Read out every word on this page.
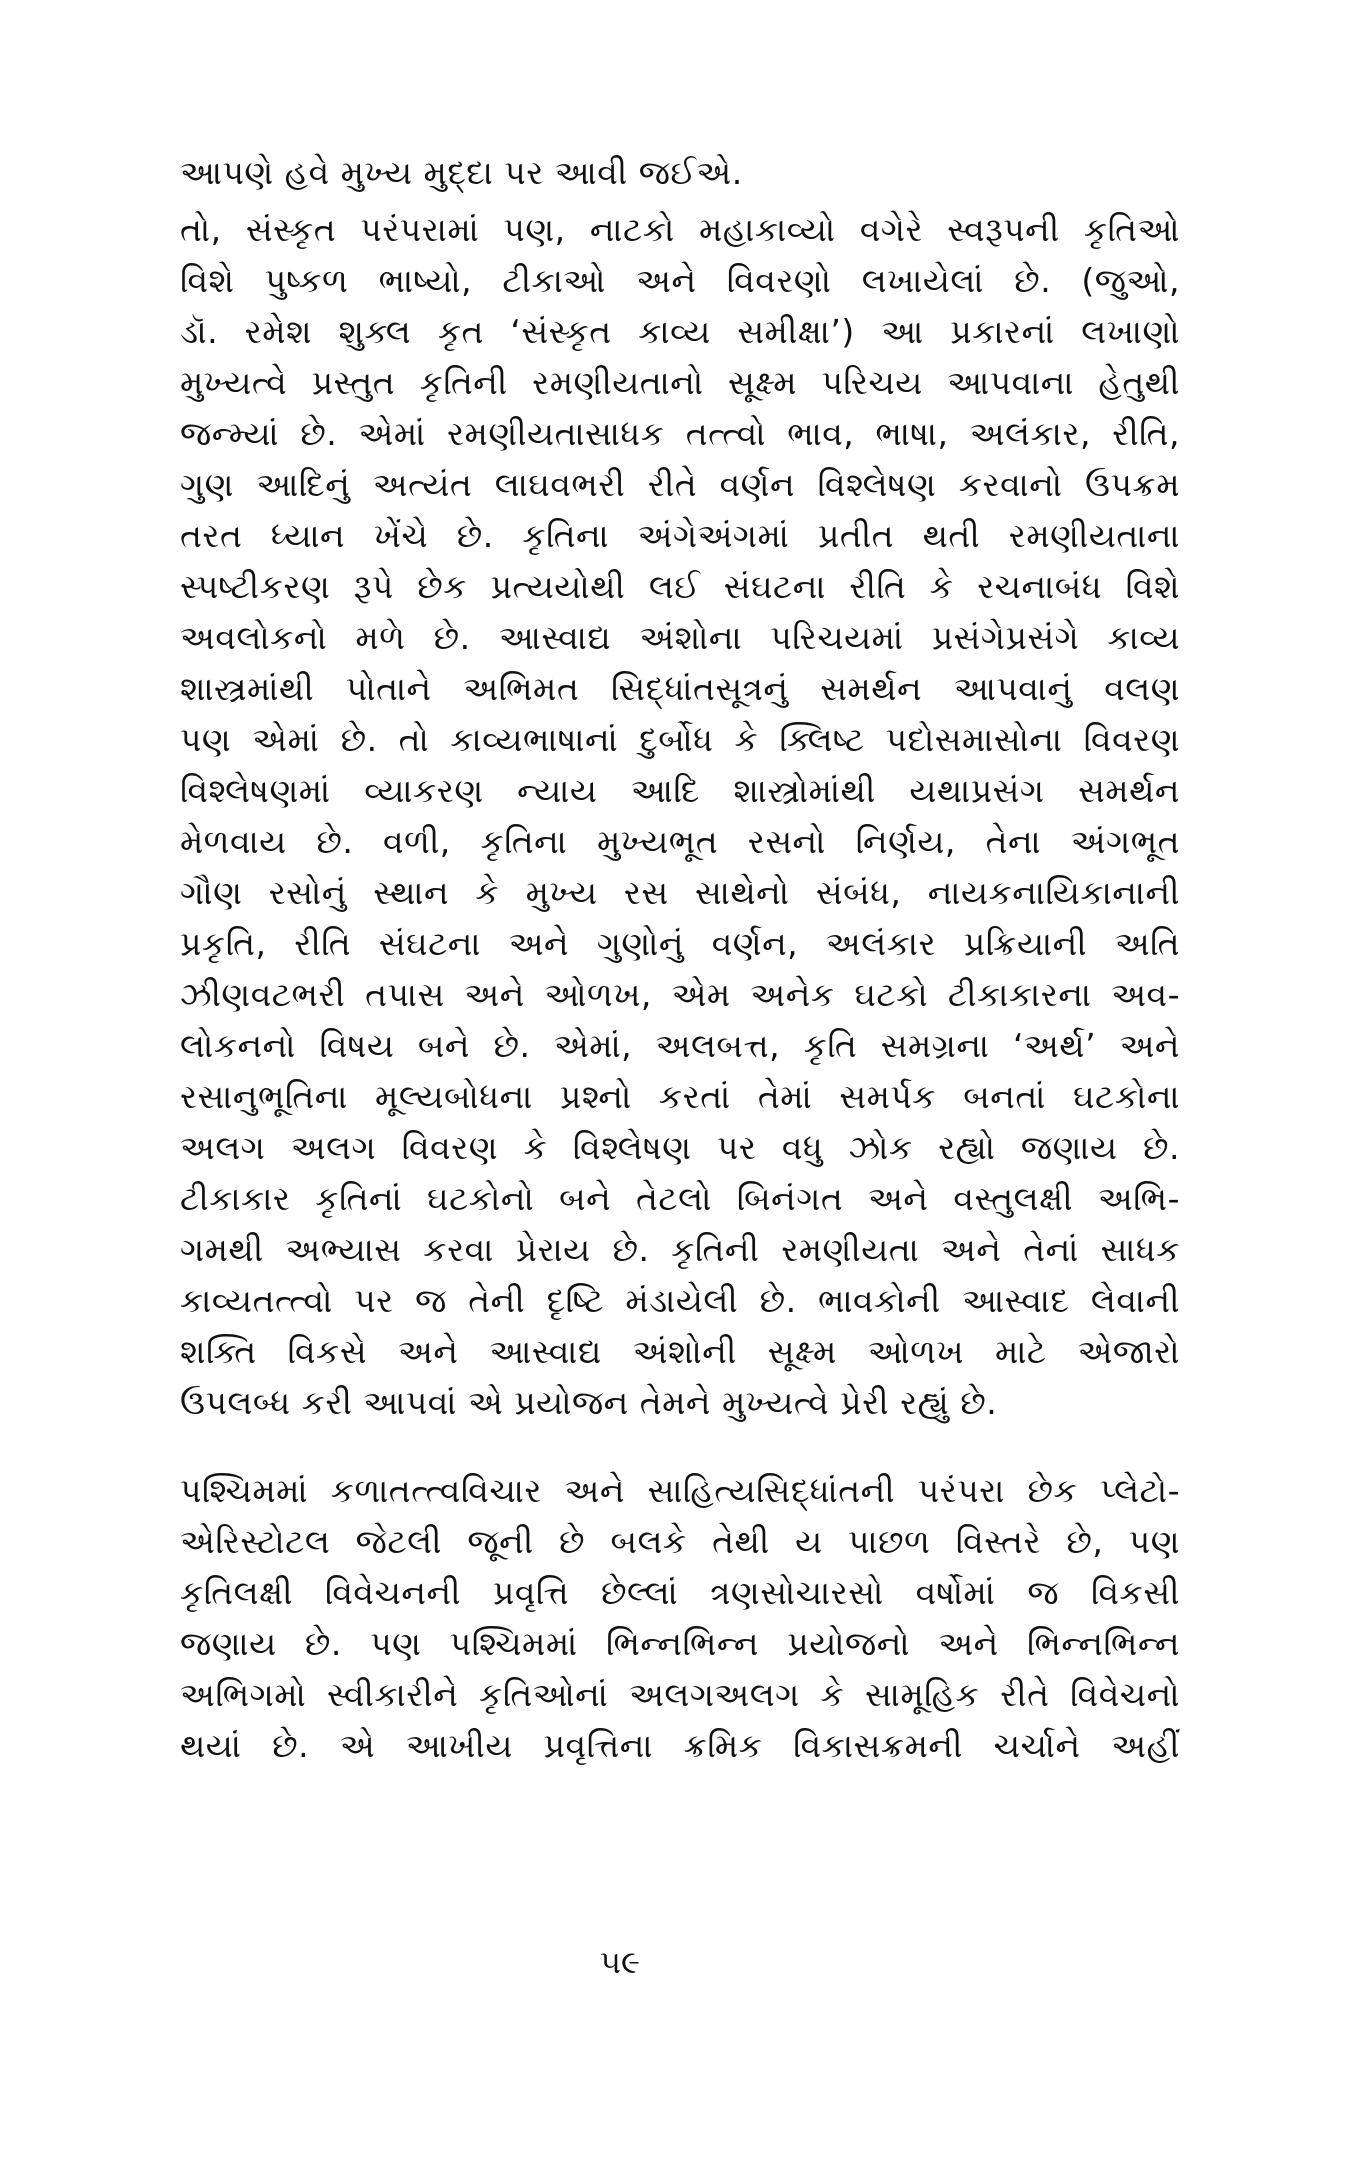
આપણે હવે મુખ્ય મુદ્દા પર આવી જઈએ.
તો, સંસ્કૃત પરંપરામાં પણ, નાટકો મહાકાવ્યો વગેરે સ્વરૂપની કૃતિઓ
વિશે પુષ્કળ ભાષ્યો, ટીકાઓ અને વિવરણો લખાયેલાં છે. (જુઓ,
ડૉ. રમેશ શુક્લ કૃત ‘સંસ્કૃત કાવ્ય સમીક્ષા’) આ પ્રકારનાં લખાણો
મુખ્યત્વે પ્રસ્તુત કૃતિની રમણીયતાનો સૂક્ષ્મ પરિચય આપવાના હેતુથી
જન્મ્યાં છે. એમાં રમણીયતાસાધક તત્ત્વો ભાવ, ભાષા, અલંકાર, રીતિ,
ગુણ આદિનું અત્યંત લાઘવભરી રીતે વર્ણન વિશ્લેષણ કરવાનો ઉપક્રમ
તરત ધ્યાન ખેંચે છે. કૃતિના અંગેઅંગમાં પ્રતીત થતી રમણીયતાના
સ્પષ્ટીકરણ રૂપે છેક પ્રત્યયોથી લઈ સંઘટના રીતિ કે રચનાબંધ વિશે
અવલોકનો મળે છે. આસ્વાદ્ય અંશોના પરિચયમાં પ્રસંગેપ્રસંગે કાવ્ય
શાસ્ત્રમાંથી પોતાને અભિમત સિદ્ધાંતસૂત્રનું સમર્થન આપવાનું વલણ
પણ એમાં છે. તો કાવ્યભાષાનાં દુર્બોધ કે ક્લિષ્ટ પદોસમાસોના વિવરણ
વિશ્લેષણમાં વ્યાકરણ ન્યાય આદિ શાસ્ત્રોમાંથી યથાપ્રસંગ સમર્થન
મેળવાય છે. વળી, કૃતિના મુખ્યભૂત રસનો નિર્ણય, તેના અંગભૂત
ગૌણ રસોનું સ્થાન કે મુખ્ય રસ સાથેનો સંબંધ, નાયકનાયિકાનાની
પ્રકૃતિ, રીતિ સંઘટના અને ગુણોનું વર્ણન, અલંકાર પ્રક્રિયાની અતિ
ઝીણવટભરી તપાસ અને ઓળખ, એમ અનેક ઘટકો ટીકાકારના અવ-
લોકનનો વિષય બને છે. એમાં, અલબત્ત, કૃતિ સમગ્રના ‘અર્થ’ અને
રસાનુભૂતિના મૂલ્યબોધના પ્રશ્નો કરતાં તેમાં સમર્પક બનતાં ઘટકોના
અલગ અલગ વિવરણ કે વિશ્લેષણ પર વધુ ઝોક રહ્યો જણાય છે.
ટીકાકાર કૃતિનાં ઘટકોનો બને તેટલો બિનંગત અને વસ્તુલક્ષી અભિ-
ગમથી અભ્યાસ કરવા પ્રેરાય છે. કૃતિની રમણીયતા અને તેનાં સાધક
કાવ્યતત્ત્વો પર જ તેની દૃષ્ટિ મંડાયેલી છે. ભાવકોની આસ્વાદ લેવાની
શક્તિ વિકસે અને આસ્વાદ્ય અંશોની સૂક્ષ્મ ઓળખ માટે એજારો
ઉપલબ્ધ કરી આપવાં એ પ્રયોજન તેમને મુખ્યત્વે પ્રેરી રહ્યું છે.
પશ્ચિમમાં કળાતત્ત્વવિચાર અને સાહિત્યસિદ્ધાંતની પરંપરા છેક પ્લેટો-
એરિસ્ટોટલ જેટલી જૂની છે બલકે તેથી ય પાછળ વિસ્તરે છે, પણ
કૃતિલક્ષી વિવેચનની પ્રવૃત્તિ છેલ્લાં ત્રણસોચારસો વર્ષોમાં જ વિકસી
જણાય છે. પણ પશ્ચિમમાં ભિન્નભિન્ન પ્રયોજનો અને ભિન્નભિન્ન
અભિગમો સ્વીકારીને કૃતિઓનાં અલગઅલગ કે સામૂહિક રીતે વિવેચનો
થયાં છે. એ આખીય પ્રવૃત્તિના ક્રમિક વિકાસક્રમની ચર્ચાને અહીં
૫૯
